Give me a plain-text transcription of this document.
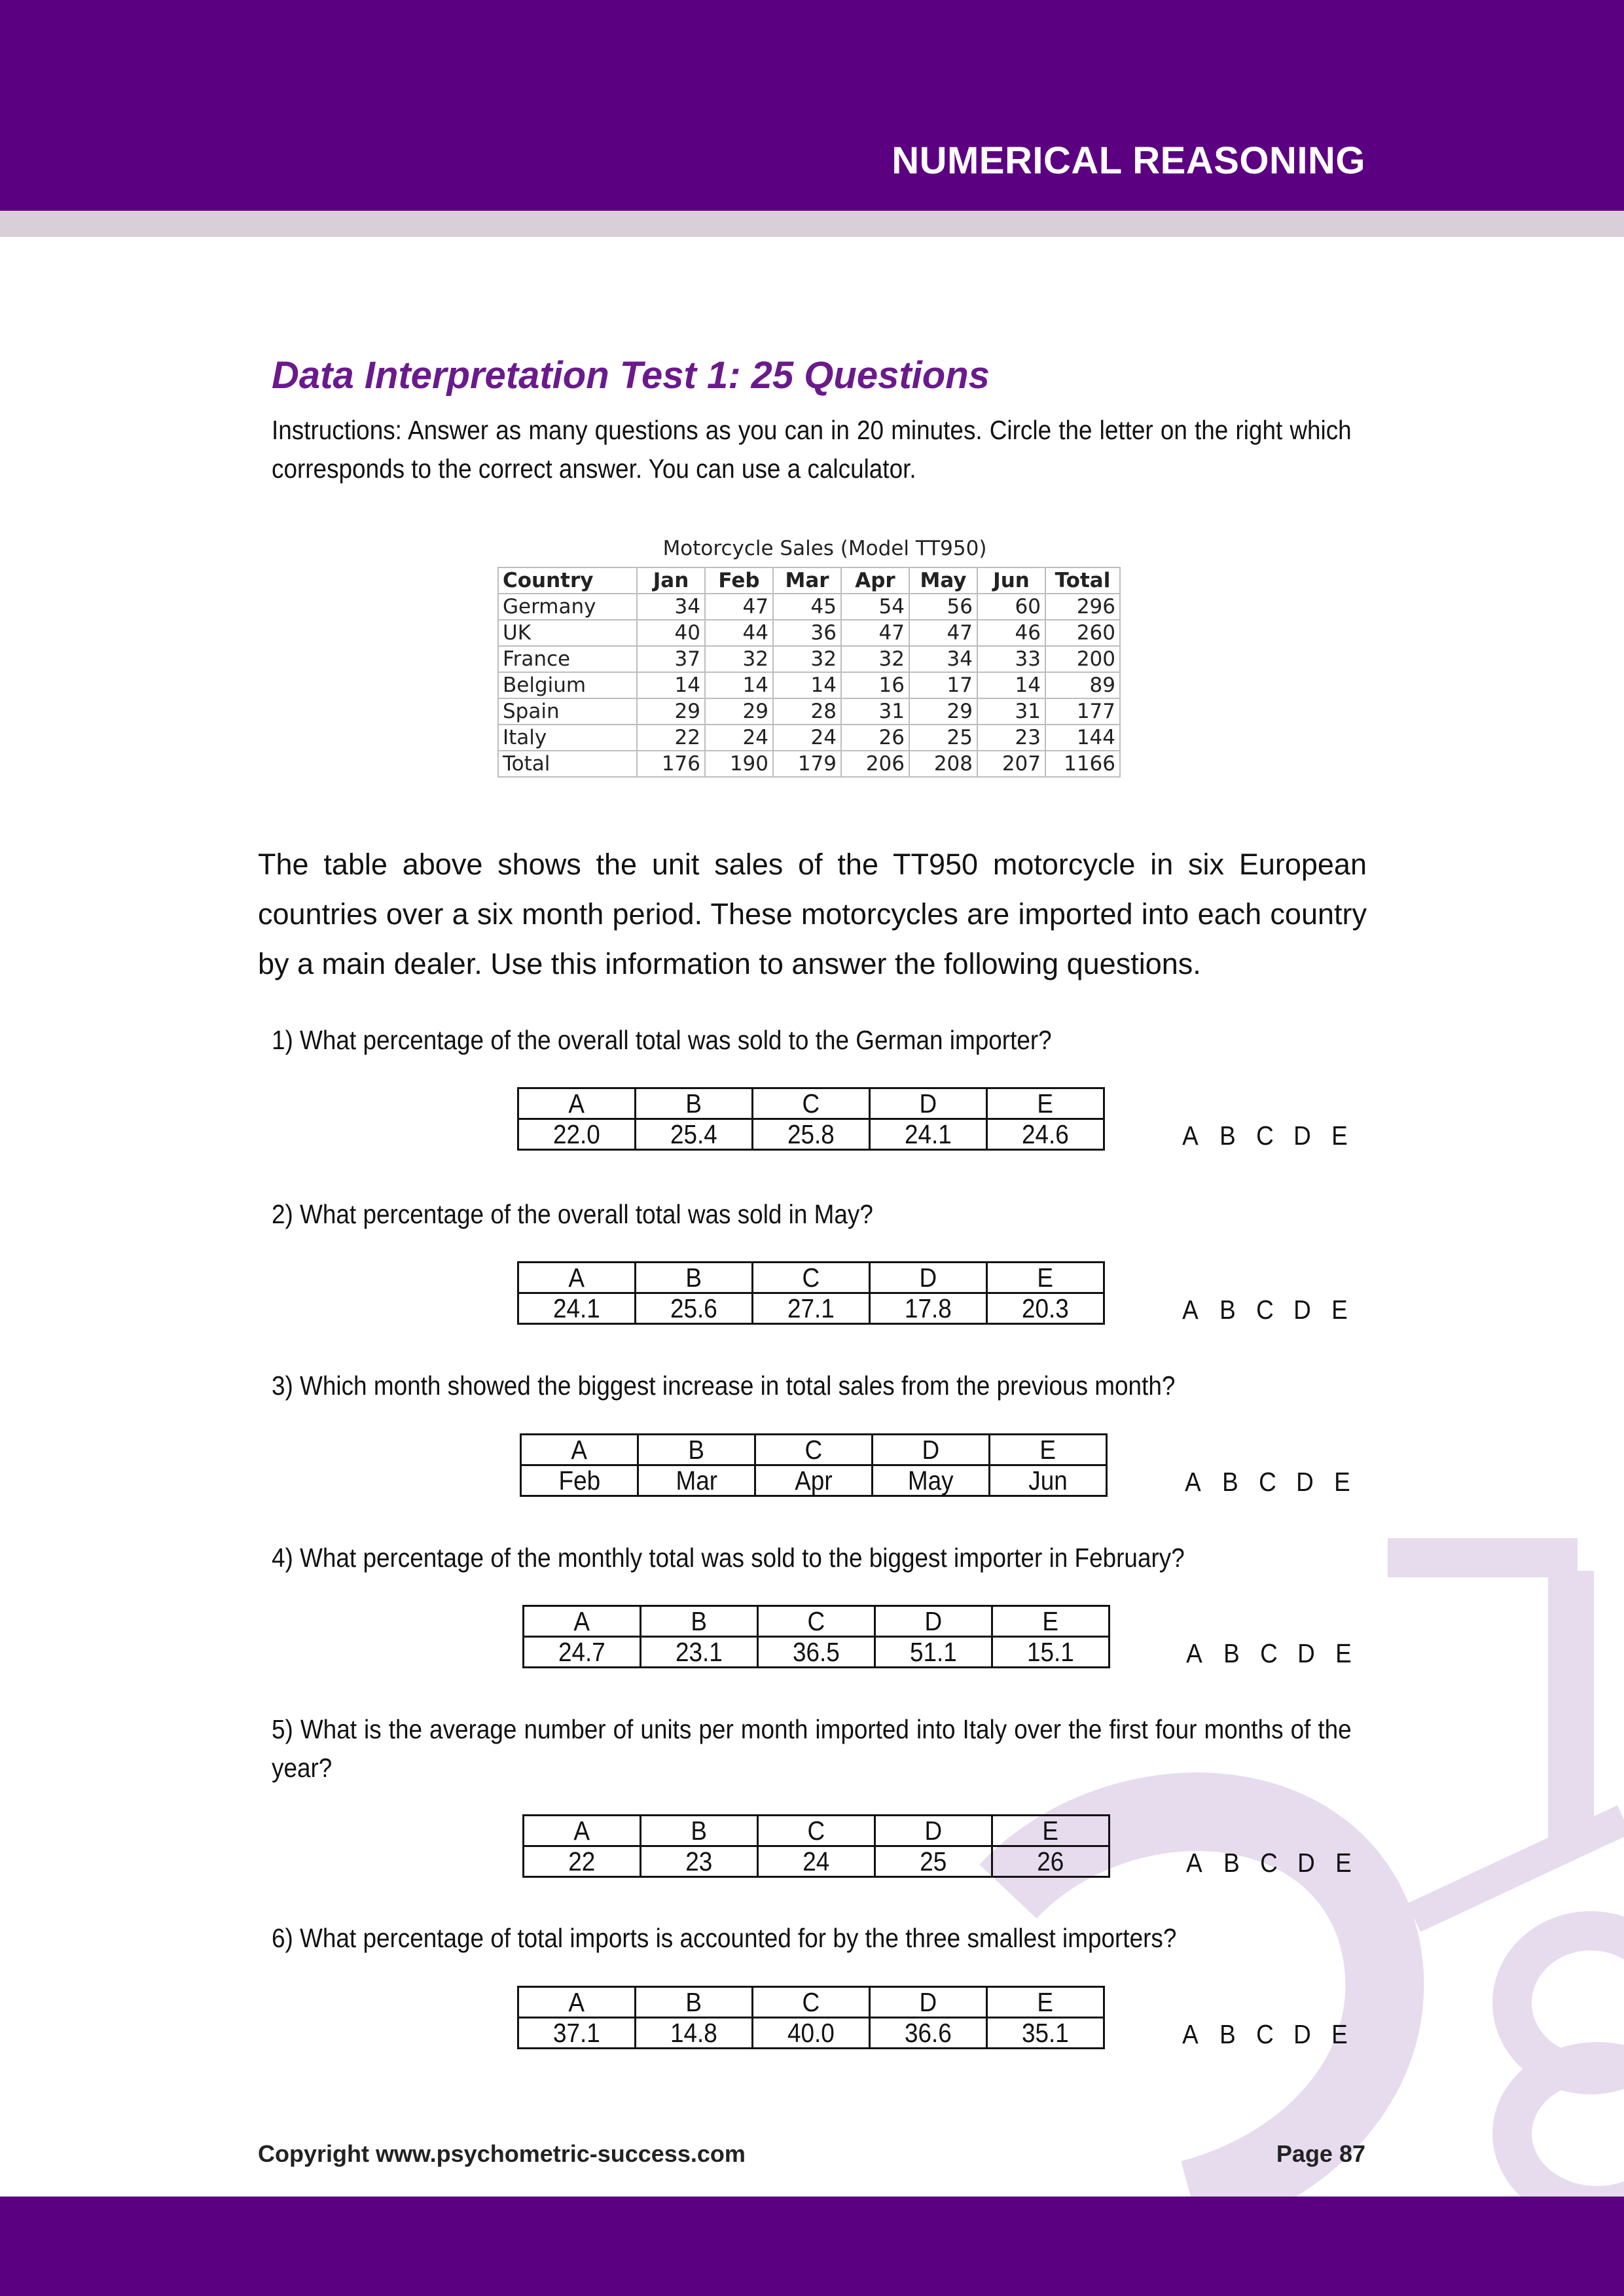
NUMERICAL REASONING
Data Interpretation Test 1: 25 Questions
Instructions: Answer as many questions as you can in 20 minutes. Circle the letter on the right which corresponds to the correct answer. You can use a calculator.
Motorcycle Sales (Model TT950)
Country	Jan	Feb	Mar	Apr	May	Jun	Total
Germany	34	47	45	54	56	60	296
UK	40	44	36	47	47	46	260
France	37	32	32	32	34	33	200
Belgium	14	14	14	16	17	14	89
Spain	29	29	28	31	29	31	177
Italy	22	24	24	26	25	23	144
Total	176	190	179	206	208	207	1166
The table above shows the unit sales of the TT950 motorcycle in six European countries over a six month period. These motorcycles are imported into each country by a main dealer. Use this information to answer the following questions.
1) What percentage of the overall total was sold to the German importer?
A	B	C	D	E
22.0	25.4	25.8	24.1	24.6	A B C D E
2) What percentage of the overall total was sold in May?
A	B	C	D	E
24.1	25.6	27.1	17.8	20.3	A B C D E
3) Which month showed the biggest increase in total sales from the previous month?
A	B	C	D	E
Feb	Mar	Apr	May	Jun	A B C D E
4) What percentage of the monthly total was sold to the biggest importer in February?
A	B	C	D	E
24.7	23.1	36.5	51.1	15.1	A B C D E
5) What is the average number of units per month imported into Italy over the first four months of the year?
A	B	C	D	E
22	23	24	25	26	A B C D E
6) What percentage of total imports is accounted for by the three smallest importers?
A	B	C	D	E
37.1	14.8	40.0	36.6	35.1	A B C D E
Copyright www.psychometric-success.com	Page 87
